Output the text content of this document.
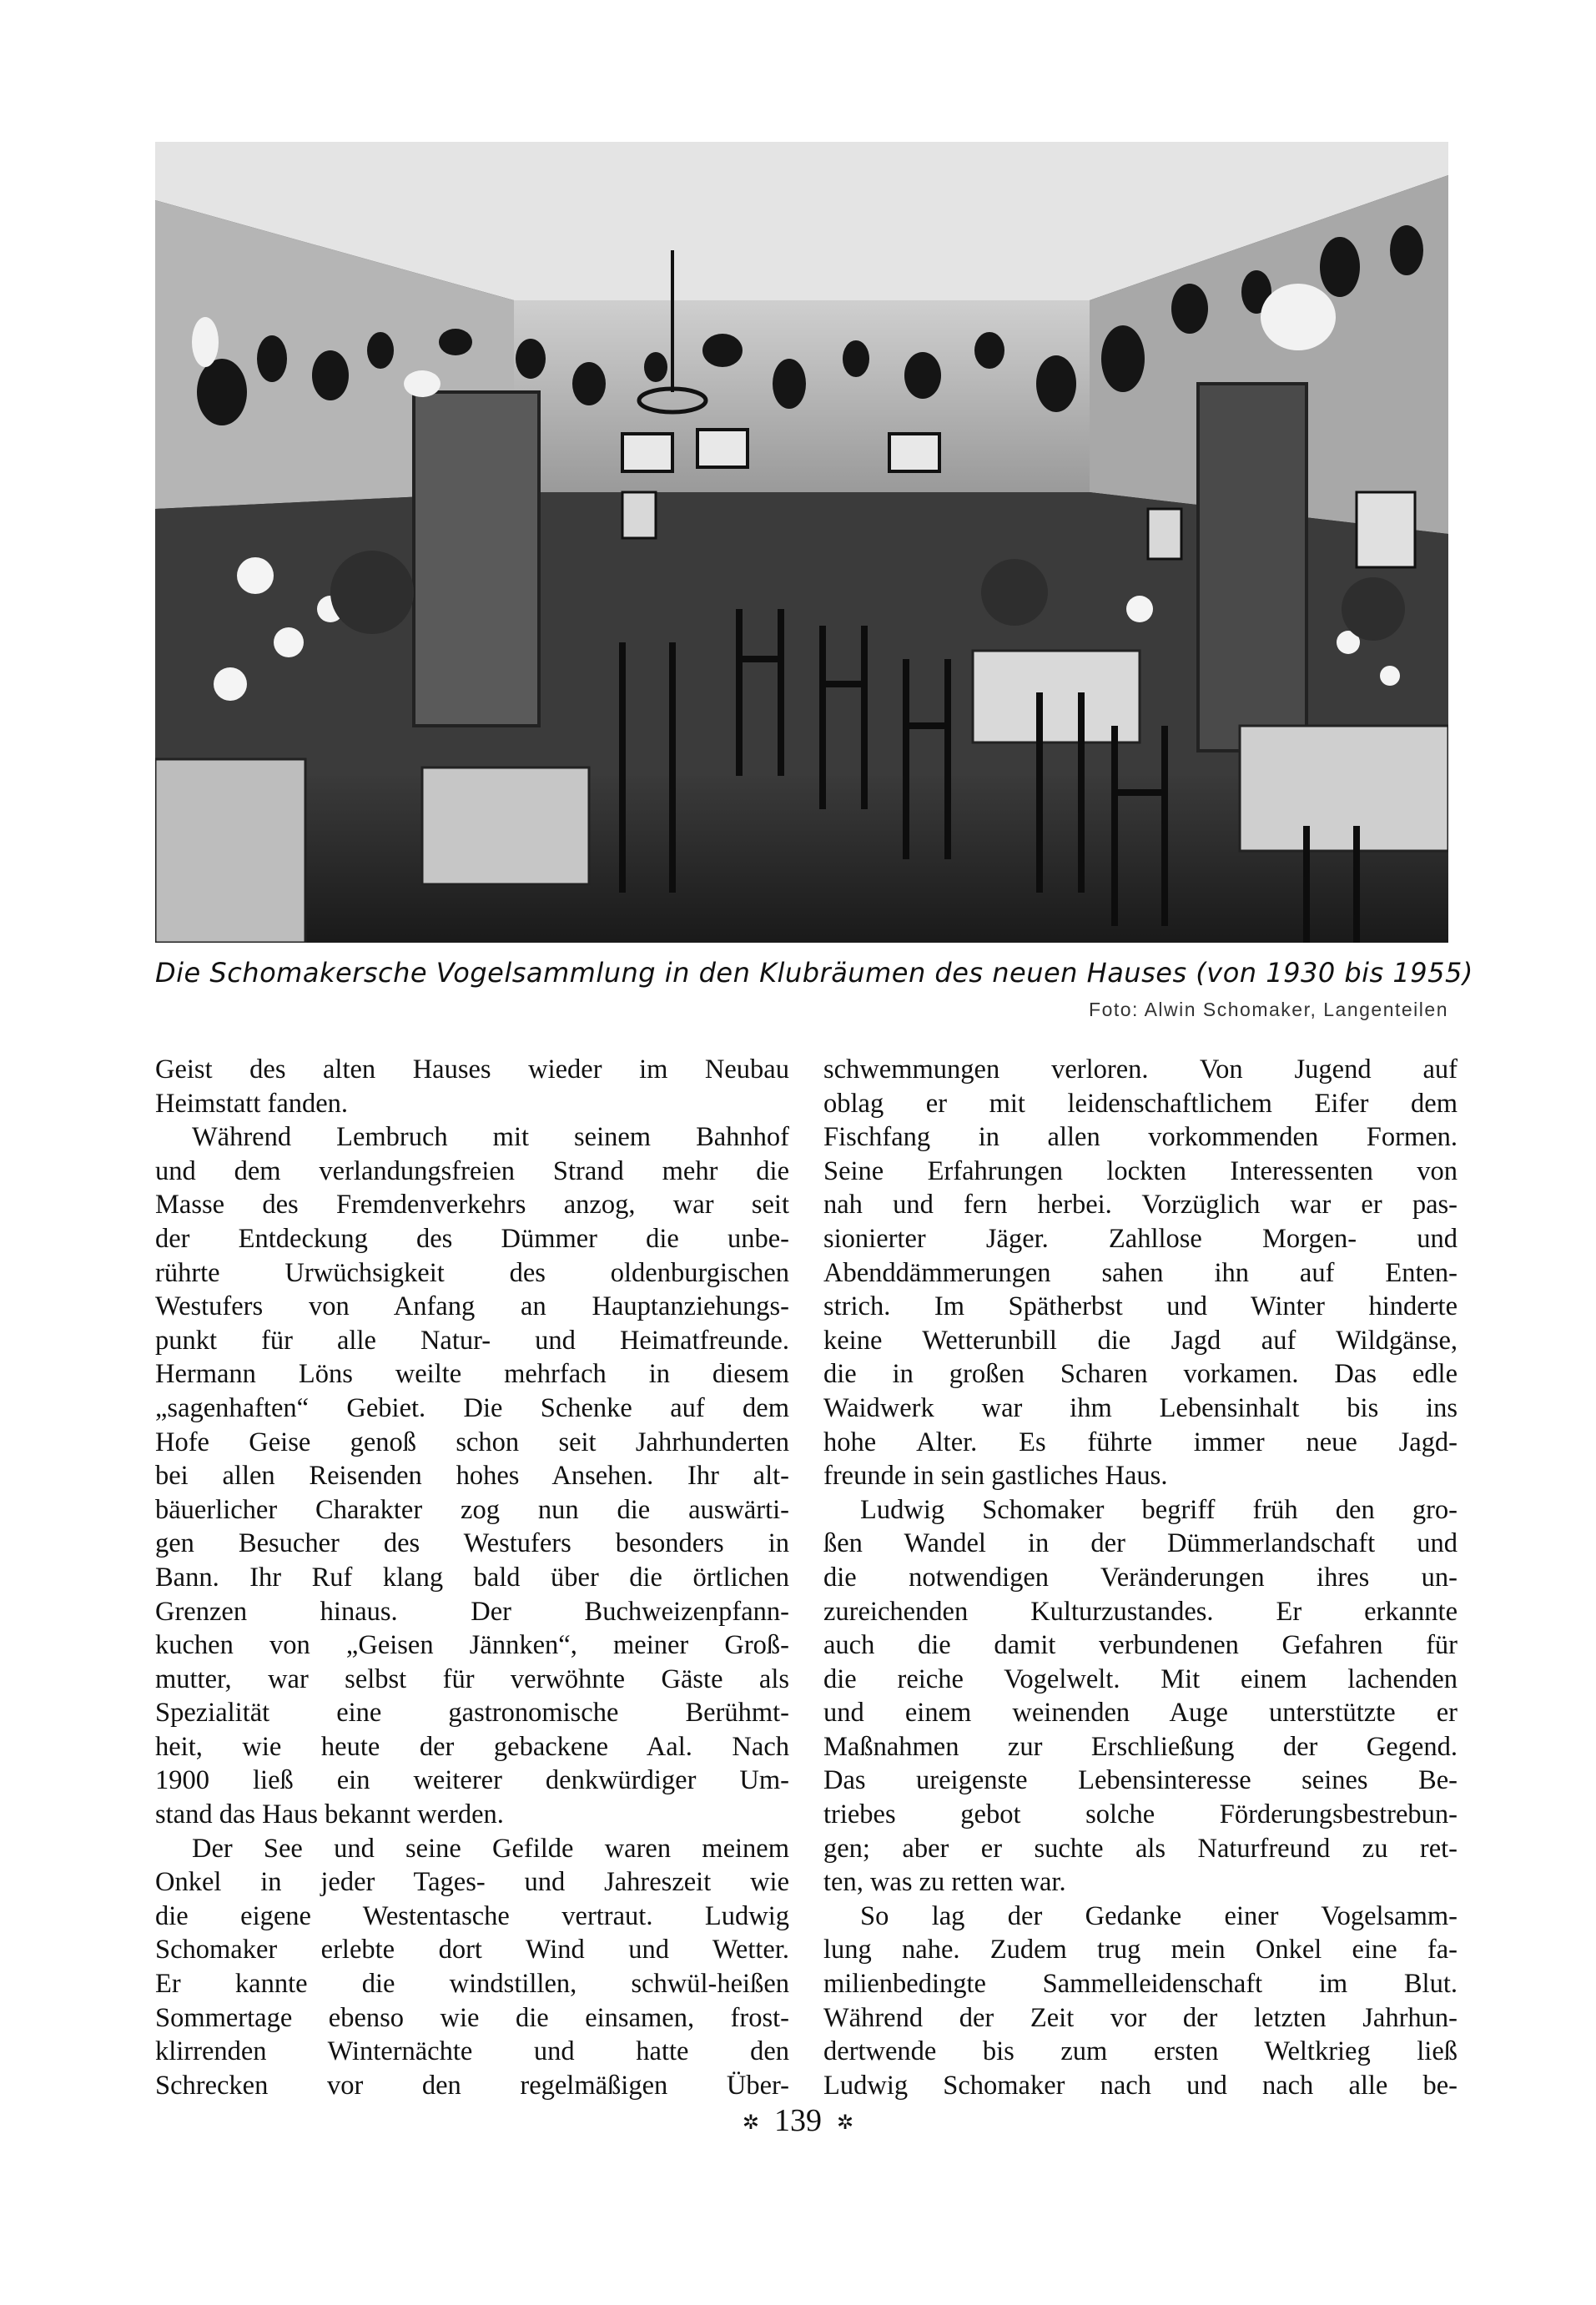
Die Schomakersche Vogelsammlung in den Klubräumen des neuen Hauses (von 1930 bis 1955)
Foto: Alwin Schomaker, Langenteilen
Geist des alten Hauses wieder im Neubau
Heimstatt fanden.
Während Lembruch mit seinem Bahnhof
und dem verlandungsfreien Strand mehr die
Masse des Fremdenverkehrs anzog, war seit
der Entdeckung des Dümmer die unbe-
rührte Urwüchsigkeit des oldenburgischen
Westufers von Anfang an Hauptanziehungs-
punkt für alle Natur- und Heimatfreunde.
Hermann Löns weilte mehrfach in diesem
„sagenhaften“ Gebiet. Die Schenke auf dem
Hofe Geise genoß schon seit Jahrhunderten
bei allen Reisenden hohes Ansehen. Ihr alt-
bäuerlicher Charakter zog nun die auswärti-
gen Besucher des Westufers besonders in
Bann. Ihr Ruf klang bald über die örtlichen
Grenzen hinaus. Der Buchweizenpfann-
kuchen von „Geisen Jännken“, meiner Groß-
mutter, war selbst für verwöhnte Gäste als
Spezialität eine gastronomische Berühmt-
heit, wie heute der gebackene Aal. Nach
1900 ließ ein weiterer denkwürdiger Um-
stand das Haus bekannt werden.
Der See und seine Gefilde waren meinem
Onkel in jeder Tages- und Jahreszeit wie
die eigene Westentasche vertraut. Ludwig
Schomaker erlebte dort Wind und Wetter.
Er kannte die windstillen, schwül-heißen
Sommertage ebenso wie die einsamen, frost-
klirrenden Winternächte und hatte den
Schrecken vor den regelmäßigen Über-
schwemmungen verloren. Von Jugend auf
oblag er mit leidenschaftlichem Eifer dem
Fischfang in allen vorkommenden Formen.
Seine Erfahrungen lockten Interessenten von
nah und fern herbei. Vorzüglich war er pas-
sionierter Jäger. Zahllose Morgen- und
Abenddämmerungen sahen ihn auf Enten-
strich. Im Spätherbst und Winter hinderte
keine Wetterunbill die Jagd auf Wildgänse,
die in großen Scharen vorkamen. Das edle
Waidwerk war ihm Lebensinhalt bis ins
hohe Alter. Es führte immer neue Jagd-
freunde in sein gastliches Haus.
Ludwig Schomaker begriff früh den gro-
ßen Wandel in der Dümmerlandschaft und
die notwendigen Veränderungen ihres un-
zureichenden Kulturzustandes. Er erkannte
auch die damit verbundenen Gefahren für
die reiche Vogelwelt. Mit einem lachenden
und einem weinenden Auge unterstützte er
Maßnahmen zur Erschließung der Gegend.
Das ureigenste Lebensinteresse seines Be-
triebes gebot solche Förderungsbestrebun-
gen; aber er suchte als Naturfreund zu ret-
ten, was zu retten war.
So lag der Gedanke einer Vogelsamm-
lung nahe. Zudem trug mein Onkel eine fa-
milienbedingte Sammelleidenschaft im Blut.
Während der Zeit vor der letzten Jahrhun-
dertwende bis zum ersten Weltkrieg ließ
Ludwig Schomaker nach und nach alle be-
✲ 139 ✲
